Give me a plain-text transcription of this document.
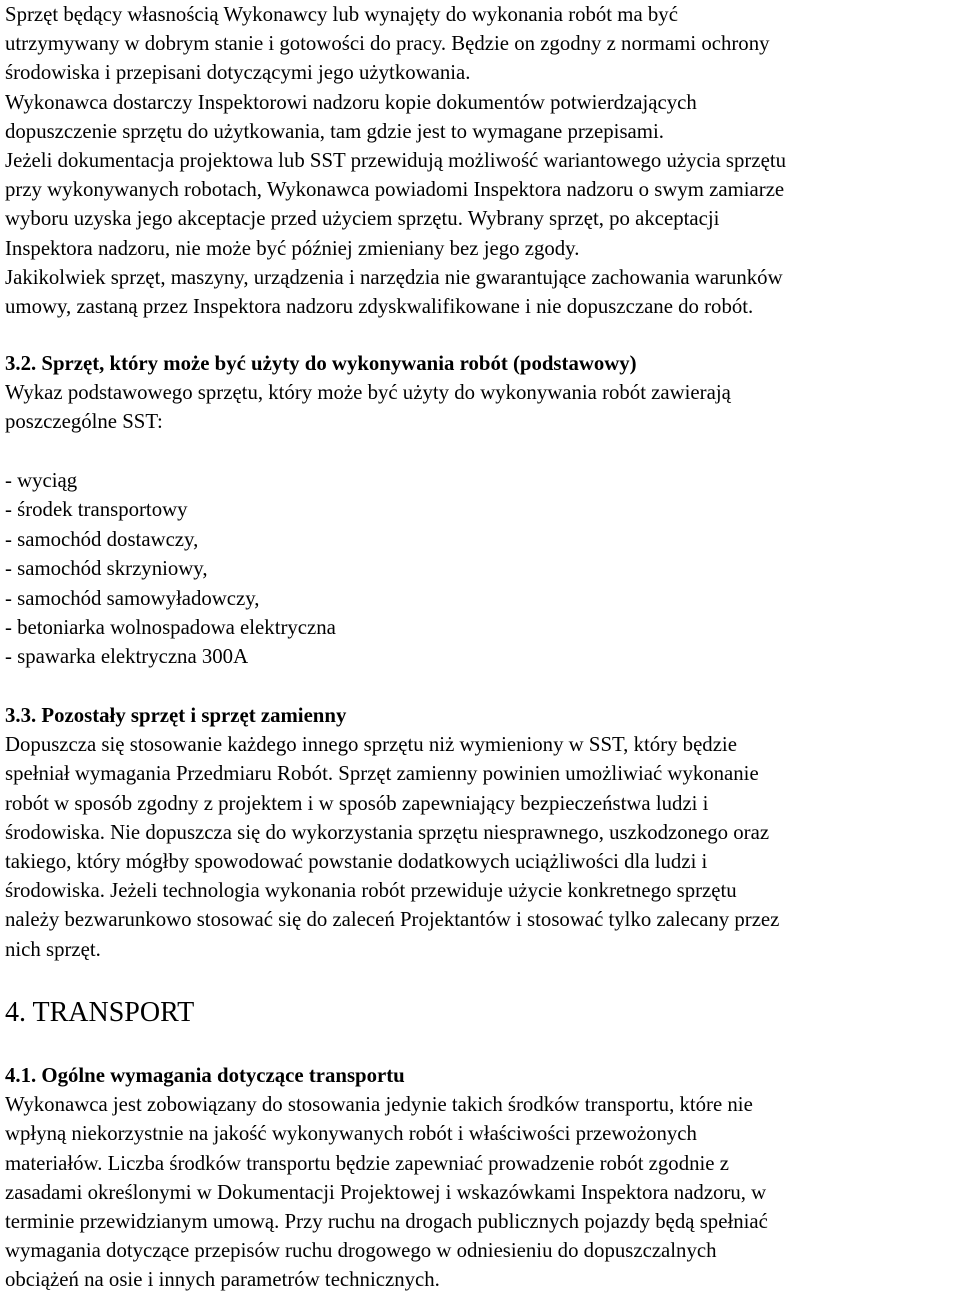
Sprzęt będący własnością Wykonawcy lub wynajęty do wykonania robót ma być
utrzymywany w dobrym stanie i gotowości do pracy. Będzie on zgodny z normami ochrony
środowiska i przepisani dotyczącymi jego użytkowania.
Wykonawca dostarczy Inspektorowi nadzoru kopie dokumentów potwierdzających
dopuszczenie sprzętu do użytkowania, tam gdzie jest to wymagane przepisami.
Jeżeli dokumentacja projektowa lub SST przewidują możliwość wariantowego użycia sprzętu
przy wykonywanych robotach, Wykonawca powiadomi Inspektora nadzoru o swym zamiarze
wyboru uzyska jego akceptacje przed użyciem sprzętu. Wybrany sprzęt, po akceptacji
Inspektora nadzoru, nie może być później zmieniany bez jego zgody.
Jakikolwiek sprzęt, maszyny, urządzenia i narzędzia nie gwarantujące zachowania warunków
umowy, zastaną przez Inspektora nadzoru zdyskwalifikowane i nie dopuszczane do robót.

3.2. Sprzęt, który może być użyty do wykonywania robót (podstawowy)

Wykaz podstawowego sprzętu, który może być użyty do wykonywania robót zawierają
poszczególne SST:

- wyciąg
- środek transportowy
- samochód dostawczy,
- samochód skrzyniowy,
- samochód samowyładowczy,
- betoniarka wolnospadowa elektryczna
- spawarka elektryczna 300A
3.3. Pozostały sprzęt i sprzęt zamienny

Dopuszcza się stosowanie każdego innego sprzętu niż wymieniony w SST, który będzie
spełniał wymagania Przedmiaru Robót. Sprzęt zamienny powinien umożliwiać wykonanie
robót w sposób zgodny z projektem i w sposób zapewniający bezpieczeństwa ludzi i
środowiska. Nie dopuszcza się do wykorzystania sprzętu niesprawnego, uszkodzonego oraz
takiego, który mógłby spowodować powstanie dodatkowych uciążliwości dla ludzi i
środowiska. Jeżeli technologia wykonania robót przewiduje użycie konkretnego sprzętu
należy bezwarunkowo stosować się do zaleceń Projektantów i stosować tylko zalecany przez
nich sprzęt.

4. TRANSPORT
4.1. Ogólne wymagania dotyczące transportu

Wykonawca jest zobowiązany do stosowania jedynie takich środków transportu, które nie
wpłyną niekorzystnie na jakość wykonywanych robót i właściwości przewożonych
materiałów. Liczba środków transportu będzie zapewniać prowadzenie robót zgodnie z
zasadami określonymi w Dokumentacji Projektowej i wskazówkami Inspektora nadzoru, w
terminie przewidzianym umową. Przy ruchu na drogach publicznych pojazdy będą spełniać
wymagania dotyczące przepisów ruchu drogowego w odniesieniu do dopuszczalnych
obciążeń na osie i innych parametrów technicznych.
